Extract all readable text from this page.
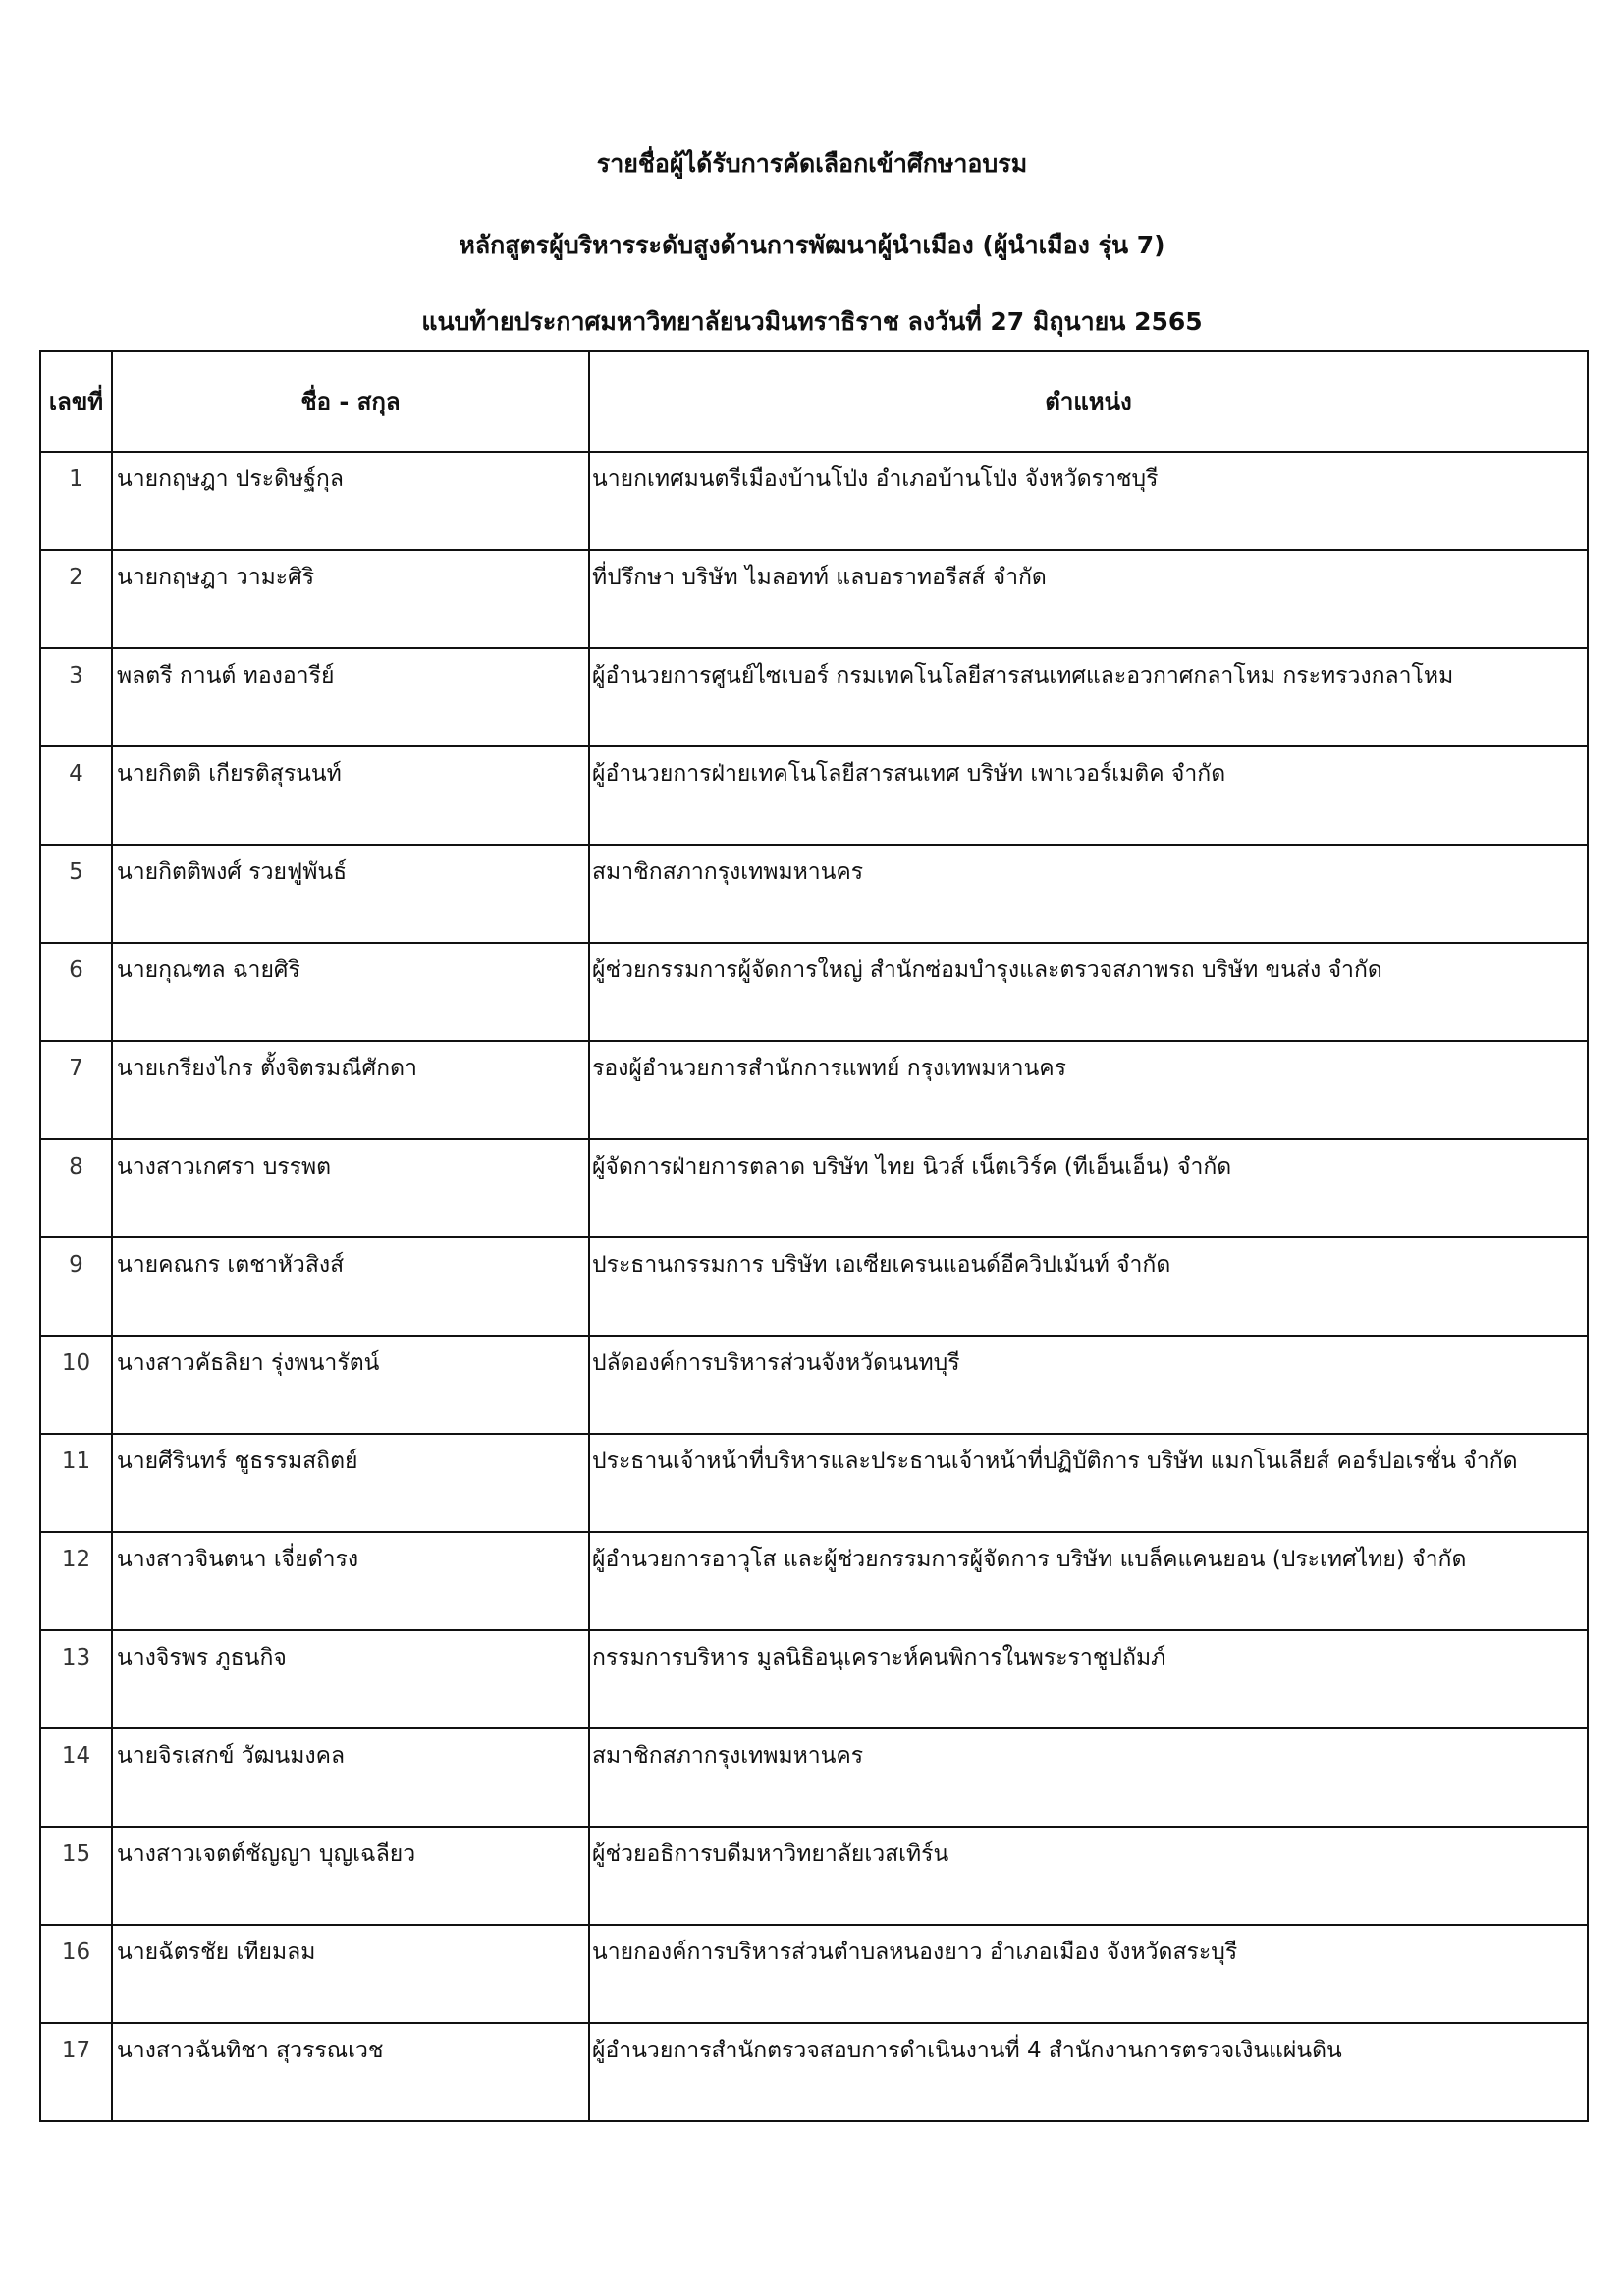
รายชื่อผู้ได้รับการคัดเลือกเข้าศึกษาอบรม
หลักสูตรผู้บริหารระดับสูงด้านการพัฒนาผู้นำเมือง (ผู้นำเมือง รุ่น 7)
แนบท้ายประกาศมหาวิทยาลัยนวมินทราธิราช ลงวันที่ 27 มิถุนายน 2565
เลขที่	ชื่อ - สกุล	ตำแหน่ง
1	นายกฤษฎา ประดิษฐ์กุล	นายกเทศมนตรีเมืองบ้านโป่ง อำเภอบ้านโป่ง จังหวัดราชบุรี
2	นายกฤษฎา วามะศิริ	ที่ปรึกษา บริษัท ไมลอทท์ แลบอราทอรีสส์ จำกัด
3	พลตรี กานต์ ทองอารีย์	ผู้อำนวยการศูนย์ไซเบอร์ กรมเทคโนโลยีสารสนเทศและอวกาศกลาโหม กระทรวงกลาโหม
4	นายกิตติ เกียรติสุรนนท์	ผู้อำนวยการฝ่ายเทคโนโลยีสารสนเทศ บริษัท เพาเวอร์เมติค จำกัด
5	นายกิตติพงศ์ รวยฟูพันธ์	สมาชิกสภากรุงเทพมหานคร
6	นายกุณฑล ฉายศิริ	ผู้ช่วยกรรมการผู้จัดการใหญ่ สำนักซ่อมบำรุงและตรวจสภาพรถ บริษัท ขนส่ง จำกัด
7	นายเกรียงไกร ตั้งจิตรมณีศักดา	รองผู้อำนวยการสำนักการแพทย์ กรุงเทพมหานคร
8	นางสาวเกศรา บรรพต	ผู้จัดการฝ่ายการตลาด บริษัท ไทย นิวส์ เน็ตเวิร์ค (ทีเอ็นเอ็น) จำกัด
9	นายคณกร เตชาหัวสิงส์	ประธานกรรมการ บริษัท เอเซียเครนแอนด์อีควิปเม้นท์ จำกัด
10	นางสาวคัธลิยา รุ่งพนารัตน์	ปลัดองค์การบริหารส่วนจังหวัดนนทบุรี
11	นายศีรินทร์ ชูธรรมสถิตย์	ประธานเจ้าหน้าที่บริหารและประธานเจ้าหน้าที่ปฏิบัติการ บริษัท แมกโนเลียส์ คอร์ปอเรชั่น จำกัด
12	นางสาวจินตนา เจี่ยดำรง	ผู้อำนวยการอาวุโส และผู้ช่วยกรรมการผู้จัดการ บริษัท แบล็คแคนยอน (ประเทศไทย) จำกัด
13	นางจิรพร ภูธนกิจ	กรรมการบริหาร มูลนิธิอนุเคราะห์คนพิการในพระราชูปถัมภ์
14	นายจิรเสกข์ วัฒนมงคล	สมาชิกสภากรุงเทพมหานคร
15	นางสาวเจตต์ชัญญา บุญเฉลียว	ผู้ช่วยอธิการบดีมหาวิทยาลัยเวสเทิร์น
16	นายฉัตรชัย เทียมลม	นายกองค์การบริหารส่วนตำบลหนองยาว อำเภอเมือง จังหวัดสระบุรี
17	นางสาวฉันทิชา สุวรรณเวช	ผู้อำนวยการสำนักตรวจสอบการดำเนินงานที่ 4 สำนักงานการตรวจเงินแผ่นดิน
